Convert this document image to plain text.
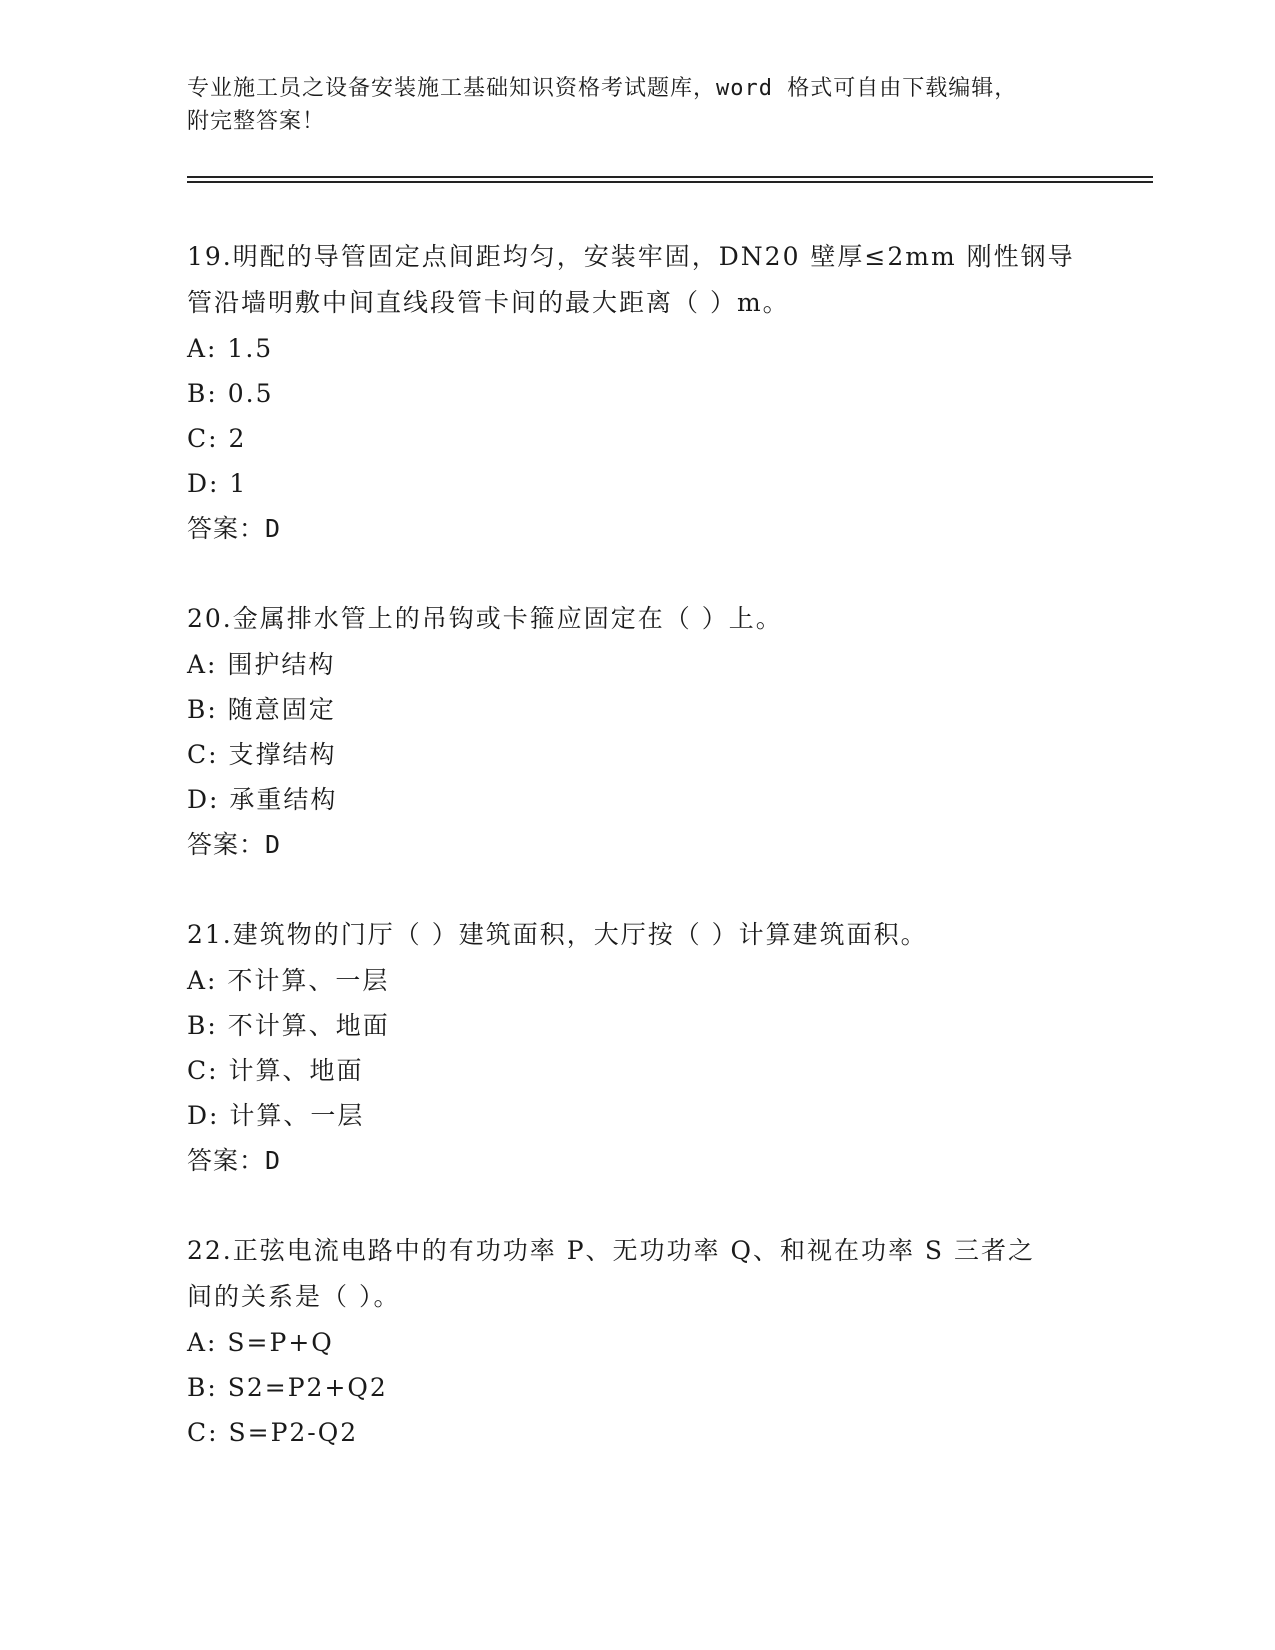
专业施工员之设备安装施工基础知识资格考试题库，word 格式可自由下载编辑，
附完整答案！
19.明配的导管固定点间距均匀，安装牢固，DN20 壁厚≤2mm 刚性钢导
管沿墙明敷中间直线段管卡间的最大距离（ ）m。
A: 1.5
B: 0.5
C: 2
D: 1
答案：D
20.金属排水管上的吊钩或卡箍应固定在（ ）上。
A: 围护结构
B: 随意固定
C: 支撑结构
D: 承重结构
答案：D
21.建筑物的门厅（ ）建筑面积，大厅按（ ）计算建筑面积。
A: 不计算、一层
B: 不计算、地面
C: 计算、地面
D: 计算、一层
答案：D
22.正弦电流电路中的有功功率 P、无功功率 Q、和视在功率 S 三者之
间的关系是（ ）。
A: S=P+Q
B: S2=P2+Q2
C: S=P2-Q2
